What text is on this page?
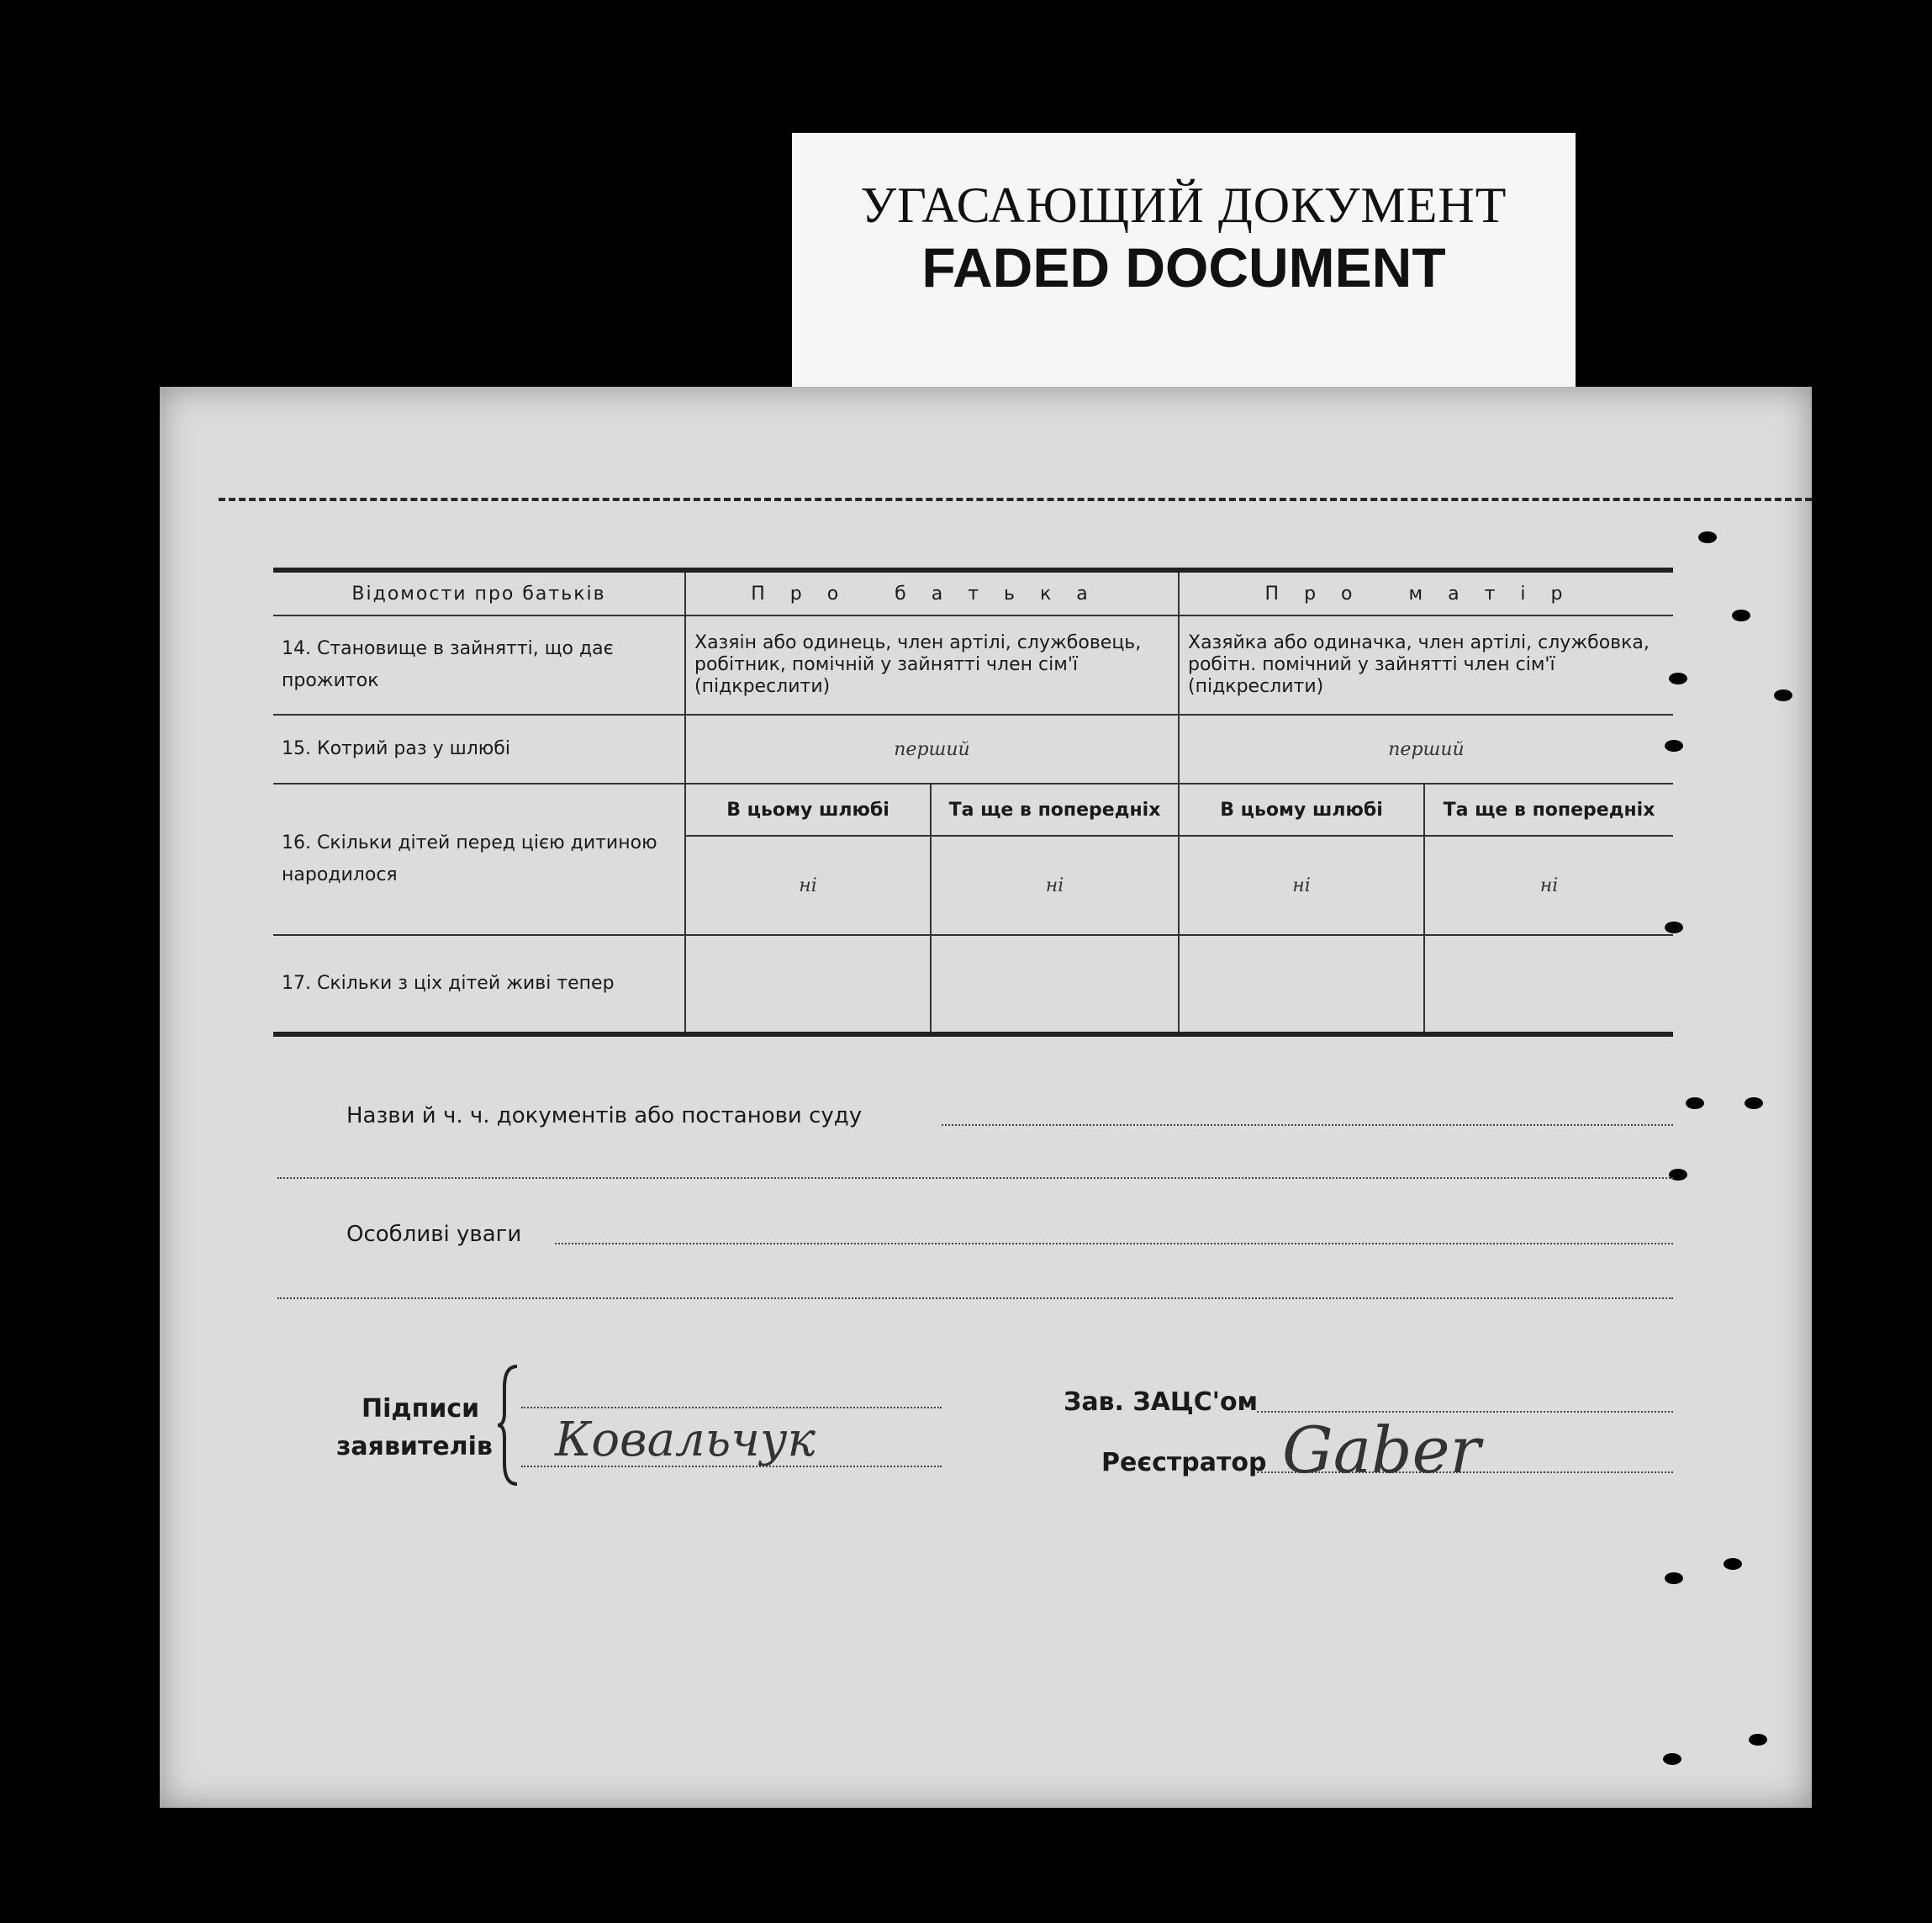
УГАСАЮЩИЙ ДОКУМЕНТ
FADED DOCUMENT
Відомости про батьків	Про батька		Про матір	
14. Становище в зайнятті, що дає прожиток	Хазяін або одинець, член артілі, службовець, робітник, помічній у зайнятті член сім'ї (підкреслити)		Хазяйка або одиначка, член артілі, службовка, робітн. помічний у зайнятті член сім'ї (підкреслити)	
15. Котрий раз у шлюбі	перший		перший	
16. Скільки дітей перед цією дитиною народилося	В цьому шлюбі	Та ще в попередніх	В цьому шлюбі	Та ще в попередніх
	ні	ні	ні	ні
17. Скільки з ціх дітей живі тепер				
Назви й ч. ч. документів або постанови суду
Особливі уваги
Підписи
заявителів Ковальчук
Зав. ЗАЦС'ом
Реєстратор Gaber
